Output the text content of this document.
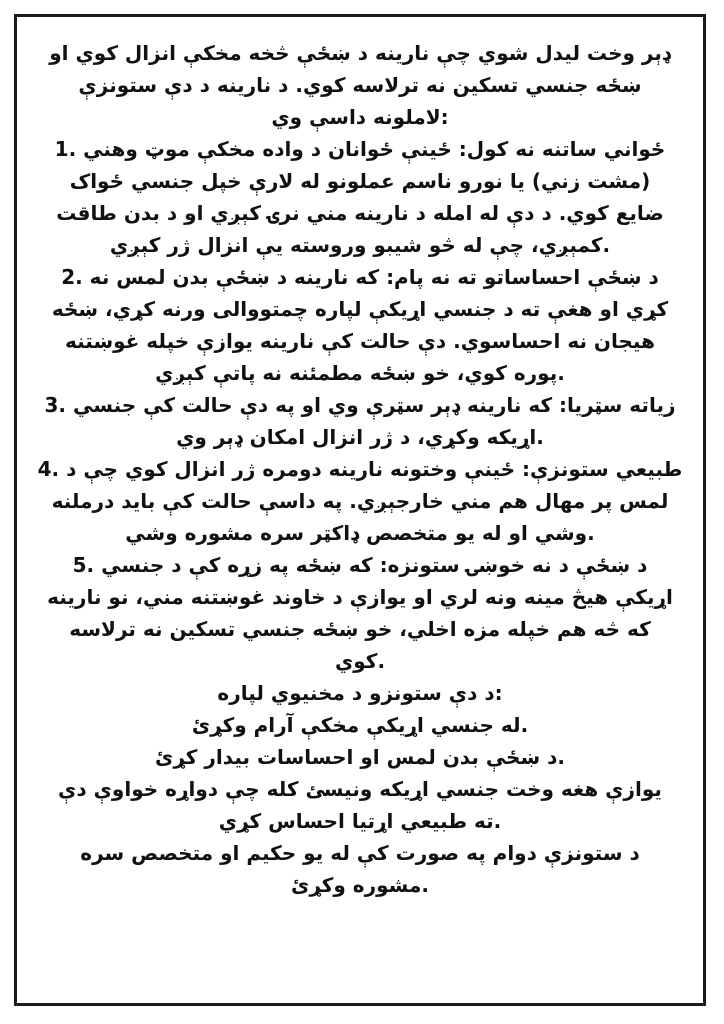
ډېر وخت لیدل شوي چې نارینه د ښځې څخه مخکې انزال کوي او
ښځه جنسي تسکین نه ترلاسه کوي. د نارینه د دې ستونزې
:لاملونه داسې وي
ځواني ساتنه نه کول: ځینې ځوانان د واده مخکې موټ وهني .1
(مشت زني) یا نورو ناسم عملونو له لارې خپل جنسي ځواک
ضایع کوي. د دې له امله د نارینه مني نرۍ کېږي او د بدن طاقت
.کمېږي، چې له څو شیبو وروسته یې انزال ژر کېږي
د ښځې احساساتو ته نه پام: که نارینه د ښځې بدن لمس نه .2
کړي او هغې ته د جنسي اړیکې لپاره چمتووالی ورنه کړي، ښځه
هیجان نه احساسوي. دې حالت کې نارینه یوازې خپله غوښتنه
.پوره کوي، خو ښځه مطمئنه نه پاتې کېږي
زیاته سټریا: که نارینه ډېر سټرې وي او په دې حالت کې جنسي .3
.اړیکه وکړي، د ژر انزال امکان ډېر وي
طبیعي ستونزې: ځینې وختونه نارینه دومره ژر انزال کوي چې د .4
لمس پر مهال هم مني خارجېږي. په داسې حالت کې باید درملنه
.وشي او له یو متخصص ډاکټر سره مشوره وشي
د ښځې د نه خوښۍ ستونزه: که ښځه په زړه کې د جنسي .5
اړیکې هیڅ مینه ونه لري او یوازې د خاوند غوښتنه مني، نو نارینه
که څه هم خپله مزه اخلي، خو ښځه جنسي تسکین نه ترلاسه
.کوي
:د دې ستونزو د مخنیوي لپاره
.له جنسي اړیکې مخکې آرام وکړئ
.د ښځې بدن لمس او احساسات بیدار کړئ
یوازې هغه وخت جنسي اړیکه ونیسئ کله چې دواړه خواوې دې
.ته طبیعي اړتیا احساس کړي
د ستونزې دوام په صورت کې له یو حکیم او متخصص سره
.مشوره وکړئ
